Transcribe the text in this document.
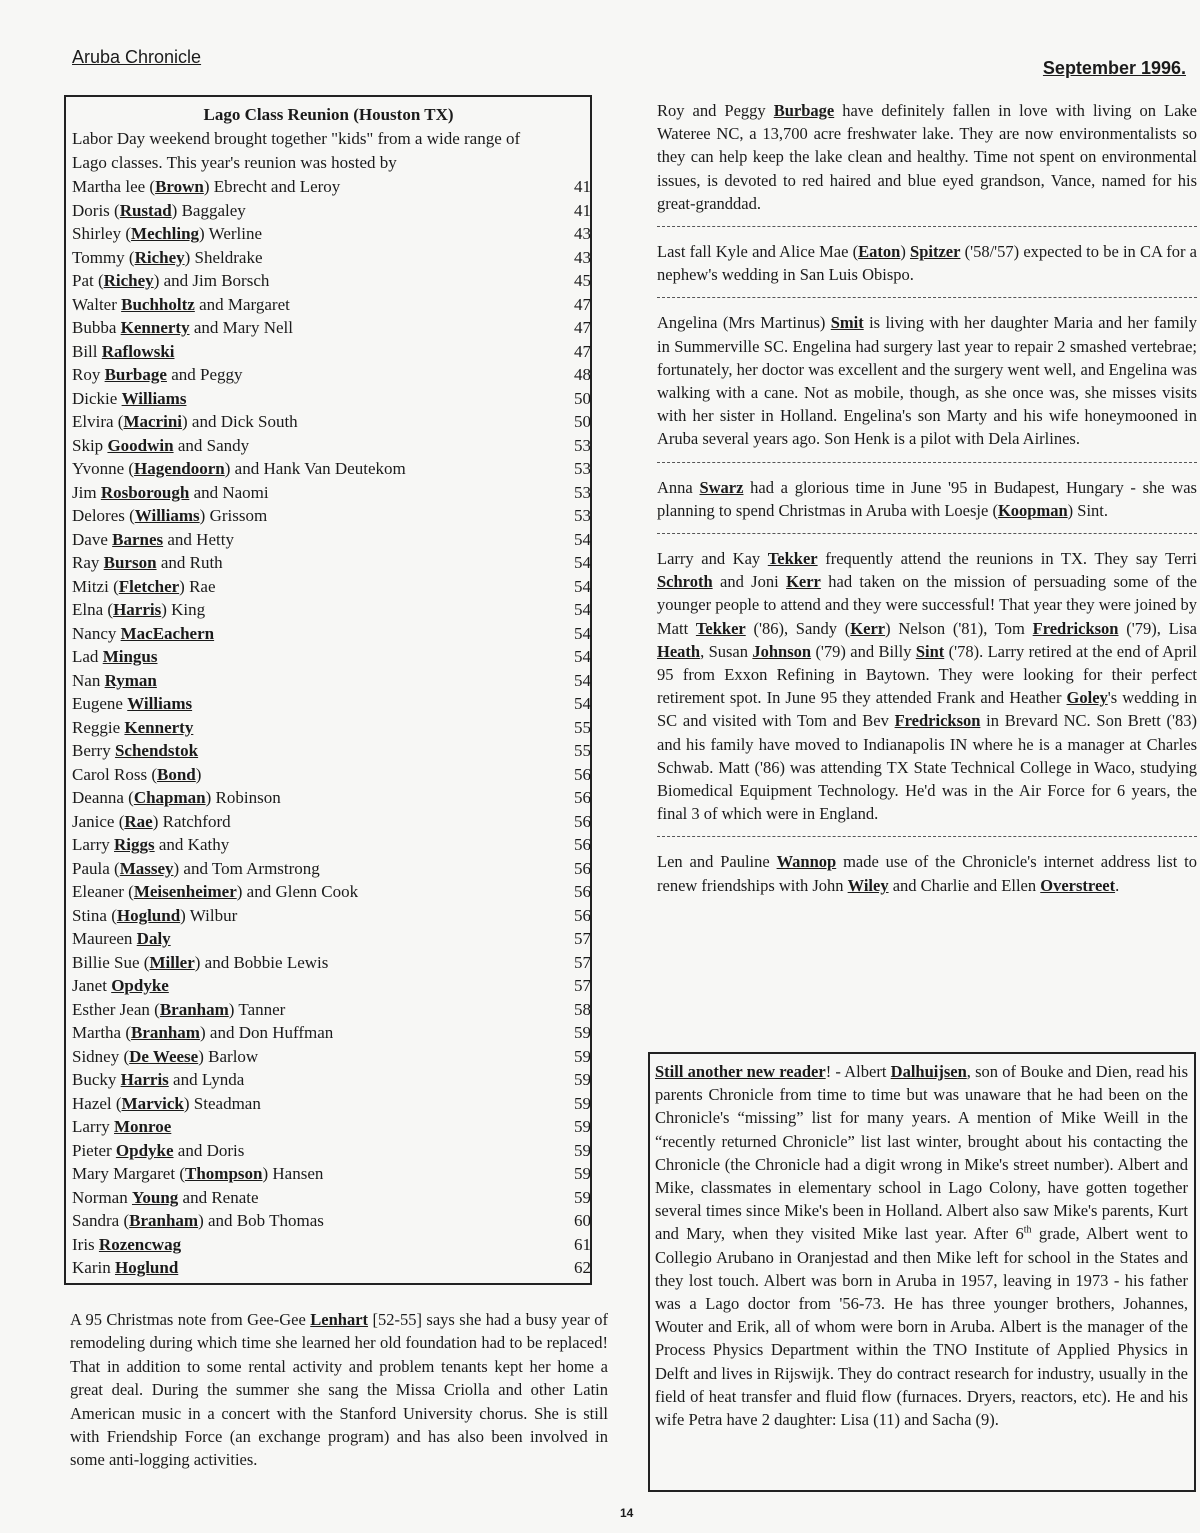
Aruba Chronicle
September 1996.
Lago Class Reunion (Houston TX)
Labor Day weekend brought together "kids" from a wide range of
Lago classes. This year's reunion was hosted by
Martha lee (Brown) Ebrecht and Leroy	41
Doris (Rustad) Baggaley	41
Shirley (Mechling) Werline	43
Tommy (Richey) Sheldrake	43
Pat (Richey) and Jim Borsch	45
Walter Buchholtz and Margaret	47
Bubba Kennerty and Mary Nell	47
Bill Raflowski	47
Roy Burbage and Peggy	48
Dickie Williams	50
Elvira (Macrini) and Dick South	50
Skip Goodwin and Sandy	53
Yvonne (Hagendoorn) and Hank Van Deutekom	53
Jim Rosborough and Naomi	53
Delores (Williams) Grissom	53
Dave Barnes and Hetty	54
Ray Burson and Ruth	54
Mitzi (Fletcher) Rae	54
Elna (Harris) King	54
Nancy MacEachern	54
Lad Mingus	54
Nan Ryman	54
Eugene Williams	54
Reggie Kennerty	55
Berry Schendstok	55
Carol Ross (Bond)	56
Deanna (Chapman) Robinson	56
Janice (Rae) Ratchford	56
Larry Riggs and Kathy	56
Paula (Massey) and Tom Armstrong	56
Eleaner (Meisenheimer) and Glenn Cook	56
Stina (Hoglund) Wilbur	56
Maureen Daly	57
Billie Sue (Miller) and Bobbie Lewis	57
Janet Opdyke	57
Esther Jean (Branham) Tanner	58
Martha (Branham) and Don Huffman	59
Sidney (De Weese) Barlow	59
Bucky Harris and Lynda	59
Hazel (Marvick) Steadman	59
Larry Monroe	59
Pieter Opdyke and Doris	59
Mary Margaret (Thompson) Hansen	59
Norman Young and Renate	59
Sandra (Branham) and Bob Thomas	60
Iris Rozencwag	61
Karin Hoglund	62
A 95 Christmas note from Gee-Gee Lenhart [52-55] says she had a busy year of remodeling during which time she learned her old foundation had to be replaced! That in addition to some rental activity and problem tenants kept her home a great deal. During the summer she sang the Missa Criolla and other Latin American music in a concert with the Stanford University chorus. She is still with Friendship Force (an exchange program) and has also been involved in some anti-logging activities.

Roy and Peggy Burbage have definitely fallen in love with living on Lake Wateree NC, a 13,700 acre freshwater lake. They are now environmentalists so they can help keep the lake clean and healthy. Time not spent on environmental issues, is devoted to red haired and blue eyed grandson, Vance, named for his great-granddad.

Last fall Kyle and Alice Mae (Eaton) Spitzer ('58/'57) expected to be in CA for a nephew's wedding in San Luis Obispo.

Angelina (Mrs Martinus) Smit is living with her daughter Maria and her family in Summerville SC. Engelina had surgery last year to repair 2 smashed vertebrae; fortunately, her doctor was excellent and the surgery went well, and Engelina was walking with a cane. Not as mobile, though, as she once was, she misses visits with her sister in Holland. Engelina's son Marty and his wife honeymooned in Aruba several years ago. Son Henk is a pilot with Dela Airlines.

Anna Swarz had a glorious time in June '95 in Budapest, Hungary - she was planning to spend Christmas in Aruba with Loesje (Koopman) Sint.

Larry and Kay Tekker frequently attend the reunions in TX. They say Terri Schroth and Joni Kerr had taken on the mission of persuading some of the younger people to attend and they were successful! That year they were joined by Matt Tekker ('86), Sandy (Kerr) Nelson ('81), Tom Fredrickson ('79), Lisa Heath, Susan Johnson ('79) and Billy Sint ('78). Larry retired at the end of April 95 from Exxon Refining in Baytown. They were looking for their perfect retirement spot. In June 95 they attended Frank and Heather Goley's wedding in SC and visited with Tom and Bev Fredrickson in Brevard NC. Son Brett ('83) and his family have moved to Indianapolis IN where he is a manager at Charles Schwab. Matt ('86) was attending TX State Technical College in Waco, studying Biomedical Equipment Technology. He'd was in the Air Force for 6 years, the final 3 of which were in England.

Len and Pauline Wannop made use of the Chronicle's internet address list to renew friendships with John Wiley and Charlie and Ellen Overstreet.

Still another new reader! - Albert Dalhuijsen, son of Bouke and Dien, read his parents Chronicle from time to time but was unaware that he had been on the Chronicle's “missing” list for many years. A mention of Mike Weill in the “recently returned Chronicle” list last winter, brought about his contacting the Chronicle (the Chronicle had a digit wrong in Mike's street number). Albert and Mike, classmates in elementary school in Lago Colony, have gotten together several times since Mike's been in Holland. Albert also saw Mike's parents, Kurt and Mary, when they visited Mike last year. After 6th grade, Albert went to Collegio Arubano in Oranjestad and then Mike left for school in the States and they lost touch. Albert was born in Aruba in 1957, leaving in 1973 - his father was a Lago doctor from '56-73. He has three younger brothers, Johannes, Wouter and Erik, all of whom were born in Aruba. Albert is the manager of the Process Physics Department within the TNO Institute of Applied Physics in Delft and lives in Rijswijk. They do contract research for industry, usually in the field of heat transfer and fluid flow (furnaces. Dryers, reactors, etc). He and his wife Petra have 2 daughter: Lisa (11) and Sacha (9).
14
